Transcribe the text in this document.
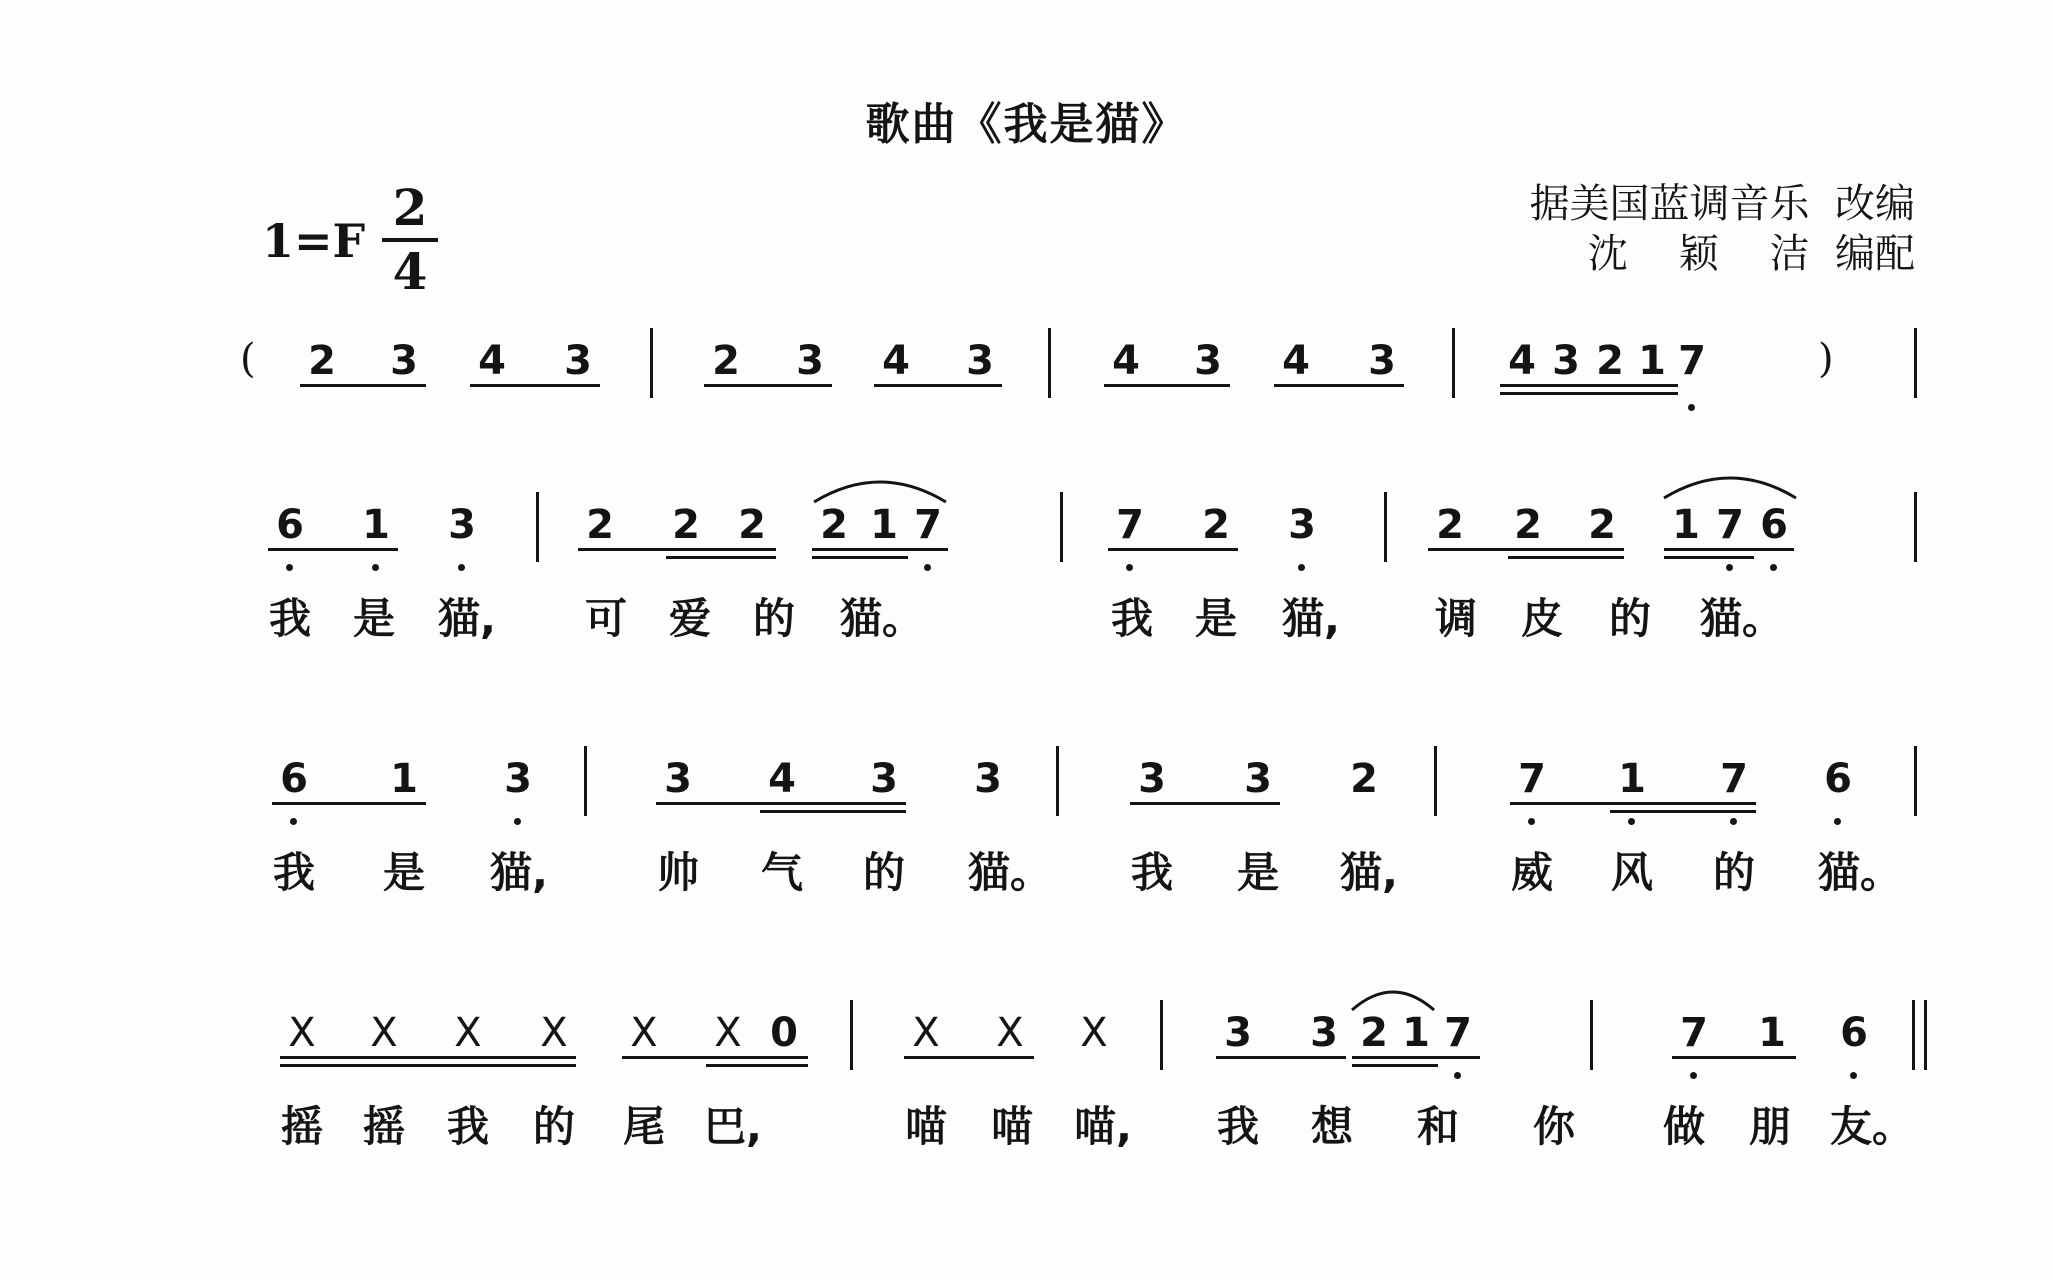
歌曲《我是猫》
1=F
2
4
据美国蓝调音乐  改编
沈    颖    洁  编配
( 2 3 4 3	2 3 4 3	4 3 4 3	4 3 2 1 7	)
6 1 3	2 2 2 2 1 7	7 2 3	2 2 2 1 7 6
我 是 猫, 可 爱 的 猫。	我 是 猫, 调 皮 的 猫。
6 1 3	3 4 3 3	3 3 2	7 1 7 6
我 是 猫,	帅 气 的 猫。 我 是 猫,	威 风 的 猫。
X X X X X X 0	X X X	3 3 2 1 7	7 1 6
摇 摇 我 的 尾 巴,	喵 喵 喵, 我 想 和 你 做 朋 友。
